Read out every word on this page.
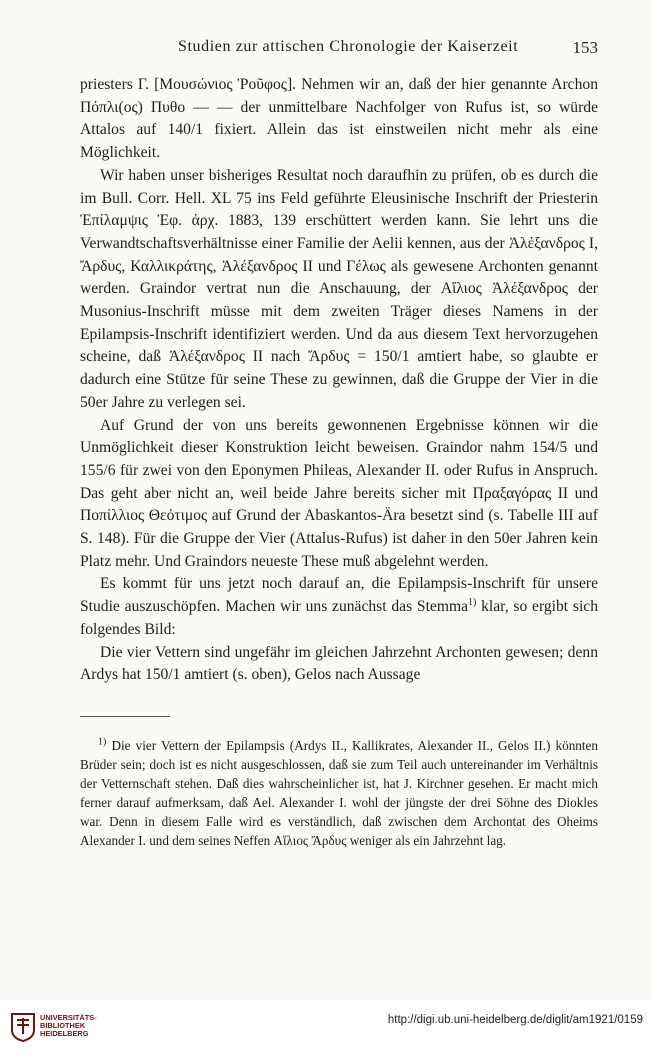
Studien zur attischen Chronologie der Kaiserzeit	153

priesters Γ. [Μουσώνιος Ῥοῦφος]. Nehmen wir an, daß der hier genannte Archon Πόπλι(ος) Πυθο — — der unmittelbare Nachfolger von Rufus ist, so würde Attalos auf 140/1 fixiert. Allein das ist einstweilen nicht mehr als eine Möglichkeit.

Wir haben unser bisheriges Resultat noch daraufhin zu prüfen, ob es durch die im Bull. Corr. Hell. XL 75 ins Feld geführte Eleusinische Inschrift der Priesterin Ἐπίλαμψις Ἐφ. ἀρχ. 1883, 139 erschüttert werden kann. Sie lehrt uns die Verwandtschaftsverhältnisse einer Familie der Aelii kennen, aus der Ἀλέξανδρος Ι, Ἄρδυς, Καλλικράτης, Ἀλέξανδρος ΙΙ und Γέλως als gewesene Archonten genannt werden. Graindor vertrat nun die Anschauung, der Αἴλιος Ἀλέξανδρος der Musonius-Inschrift müsse mit dem zweiten Träger dieses Namens in der Epilampsis-Inschrift identifiziert werden. Und da aus diesem Text hervorzugehen scheine, daß Ἀλέξανδρος ΙΙ nach Ἄρδυς = 150/1 amtiert habe, so glaubte er dadurch eine Stütze für seine These zu gewinnen, daß die Gruppe der Vier in die 50er Jahre zu verlegen sei.

Auf Grund der von uns bereits gewonnenen Ergebnisse können wir die Unmöglichkeit dieser Konstruktion leicht beweisen. Graindor nahm 154/5 und 155/6 für zwei von den Eponymen Phileas, Alexander II. oder Rufus in Anspruch. Das geht aber nicht an, weil beide Jahre bereits sicher mit Πραξαγόρας ΙΙ und Ποπίλλιος Θεότιμος auf Grund der Abaskantos-Ära besetzt sind (s. Tabelle III auf S. 148). Für die Gruppe der Vier (Attalus-Rufus) ist daher in den 50er Jahren kein Platz mehr. Und Graindors neueste These muß abgelehnt werden.

Es kommt für uns jetzt noch darauf an, die Epilampsis-Inschrift für unsere Studie auszuschöpfen. Machen wir uns zunächst das Stemma$^{1)}$ klar, so ergibt sich folgendes Bild:

Die vier Vettern sind ungefähr im gleichen Jahrzehnt Archonten gewesen; denn Ardys hat 150/1 amtiert (s. oben), Gelos nach Aussage

$^{1)}$ Die vier Vettern der Epilampsis (Ardys II., Kallikrates, Alexander II., Gelos II.) könnten Brüder sein; doch ist es nicht ausgeschlossen, daß sie zum Teil auch untereinander im Verhältnis der Vetternschaft stehen. Daß dies wahrscheinlicher ist, hat J. Kirchner gesehen. Er macht mich ferner darauf aufmerksam, daß Ael. Alexander I. wohl der jüngste der drei Söhne des Diokles war. Denn in diesem Falle wird es verständlich, daß zwischen dem Archontat des Oheims Alexander I. und dem seines Neffen Αἴλιος Ἄρδυς weniger als ein Jahrzehnt lag.

UNIVERSITÄTS-
BIBLIOTHEK
HEIDELBERG
http://digi.ub.uni-heidelberg.de/diglit/am1921/0159
